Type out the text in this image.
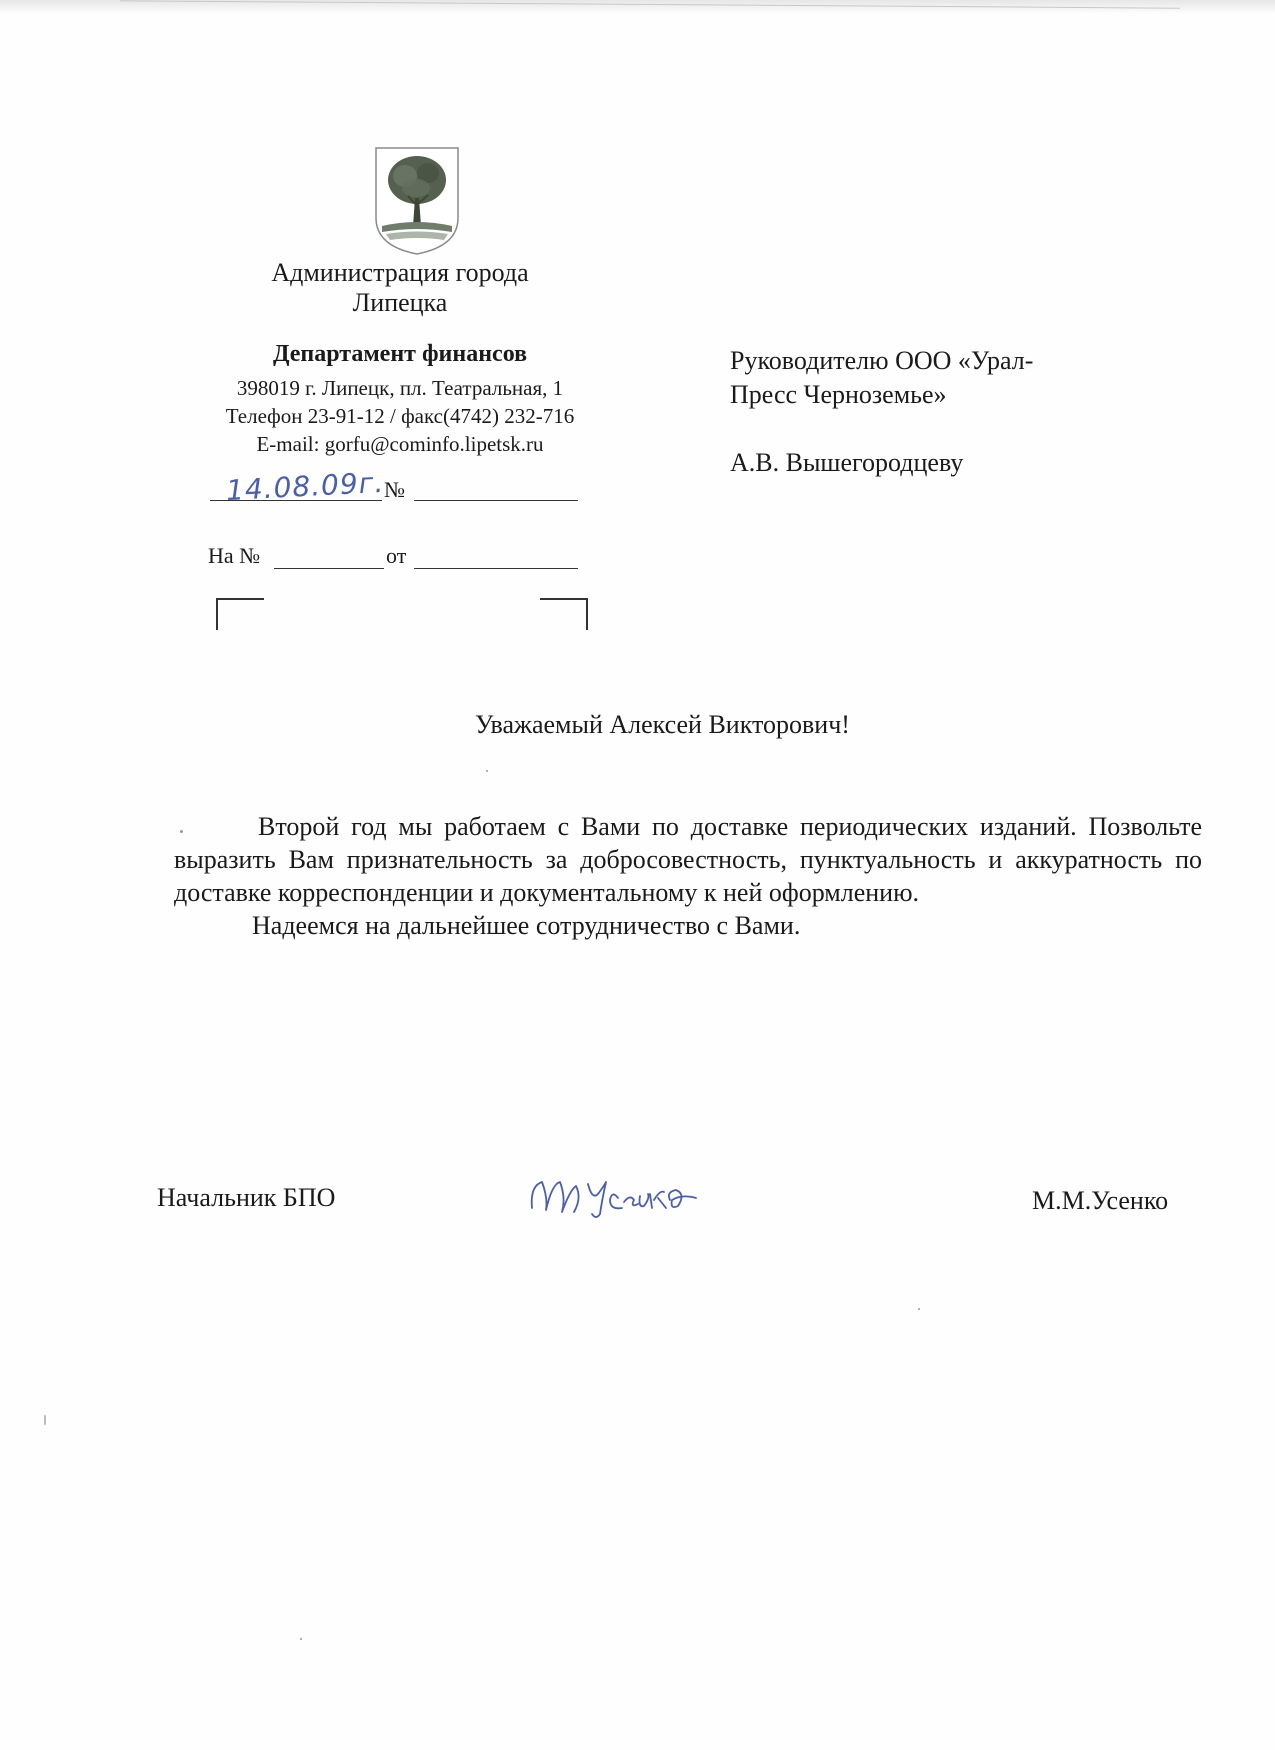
Администрация города
Липецка
Департамент финансов
398019 г. Липецк, пл. Театральная, 1
Телефон 23-91-12 / факс(4742) 232-716
E-mail: gorfu@cominfo.lipetsk.ru
14.08.09г.
№
На №	от

Руководителю ООО «Урал-

Пресс Черноземье»

А.В. Вышегородцеву

Уважаемый Алексей Викторович!

Второй год мы работаем с Вами по доставке периодических изданий. Позвольте выразить Вам признательность за добросовестность, пунктуальность и аккуратность по доставке корреспонденции и документальному к ней оформлению.

Надеемся на дальнейшее сотрудничество с Вами.

Начальник БПО	М.М.Усенко
